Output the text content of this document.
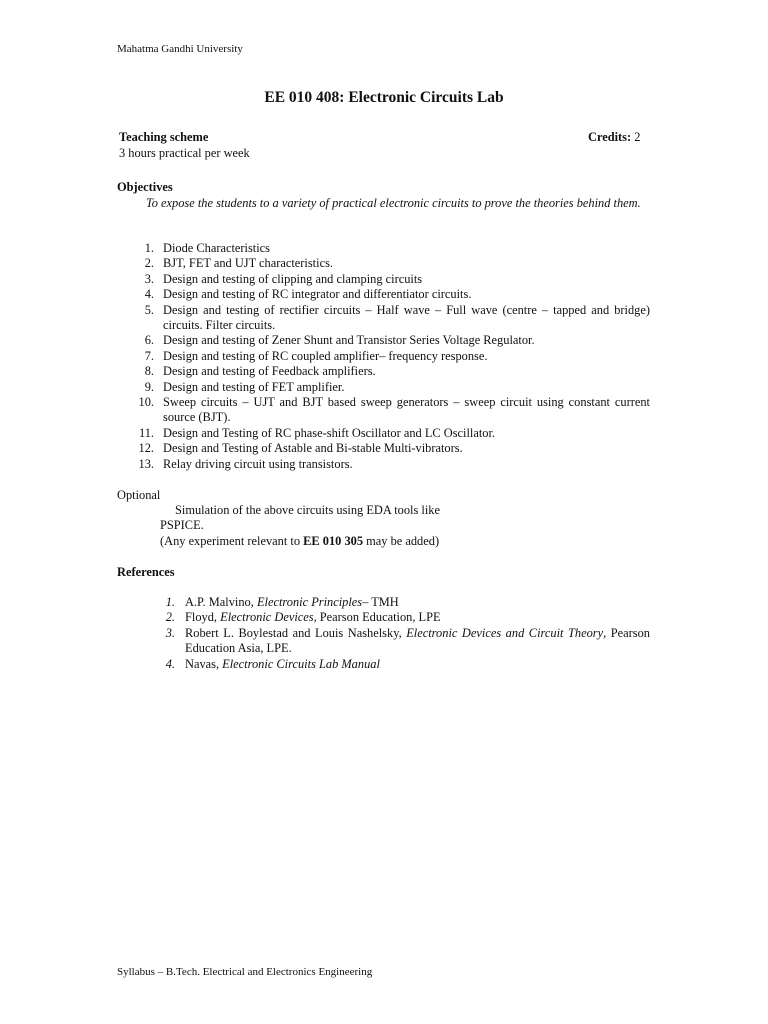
Mahatma Gandhi University
EE 010 408: Electronic Circuits Lab
Teaching scheme	Credits: 2
3 hours practical per week
Objectives
To expose the students to a variety of practical electronic circuits to prove the theories behind them.
1. Diode Characteristics
2. BJT, FET and UJT characteristics.
3. Design and testing of clipping and clamping circuits
4. Design and testing of RC integrator and differentiator circuits.
5. Design and testing of rectifier circuits – Half wave – Full wave (centre – tapped and bridge) circuits. Filter circuits.
6. Design and testing of Zener Shunt and Transistor Series Voltage Regulator.
7. Design and testing of RC coupled amplifier– frequency response.
8. Design and testing of Feedback amplifiers.
9. Design and testing of FET amplifier.
10. Sweep circuits – UJT and BJT based sweep generators – sweep circuit using constant current source (BJT).
11. Design and Testing of RC phase-shift Oscillator and LC Oscillator.
12. Design and Testing of Astable and Bi-stable Multi-vibrators.
13. Relay driving circuit using transistors.
Optional
Simulation of the above circuits using EDA tools like
PSPICE.
(Any experiment relevant to EE 010 305 may be added)
References
1. A.P. Malvino, Electronic Principles– TMH
2. Floyd, Electronic Devices, Pearson Education, LPE
3. Robert L. Boylestad and Louis Nashelsky, Electronic Devices and Circuit Theory, Pearson Education Asia, LPE.
4. Navas, Electronic Circuits Lab Manual
Syllabus – B.Tech. Electrical and Electronics Engineering
